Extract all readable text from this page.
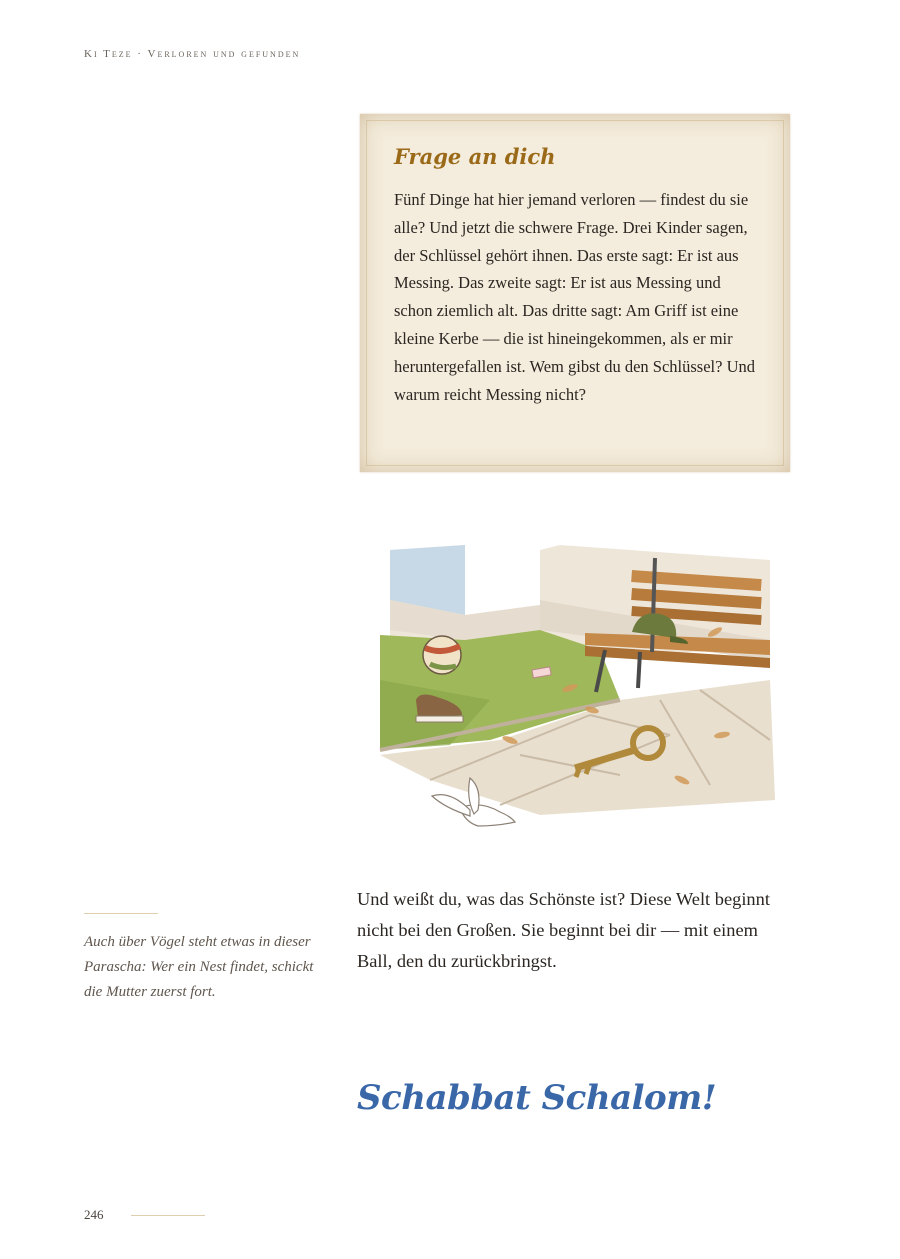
Ki Teze · Verloren und gefunden
Frage an dich
Fünf Dinge hat hier jemand verloren — findest du sie alle? Und jetzt die schwere Frage. Drei Kinder sagen, der Schlüssel gehört ihnen. Das erste sagt: Er ist aus Messing. Das zweite sagt: Er ist aus Messing und schon ziemlich alt. Das dritte sagt: Am Griff ist eine kleine Kerbe — die ist hineingekommen, als er mir heruntergefallen ist. Wem gibst du den Schlüssel? Und warum reicht Messing nicht?
Auch über Vögel steht etwas in dieser Parascha: Wer ein Nest findet, schickt die Mutter zuerst fort.
Und weißt du, was das Schönste ist? Diese Welt beginnt nicht bei den Großen. Sie beginnt bei dir — mit einem Ball, den du zurückbringst.
Schabbat Schalom!
246
